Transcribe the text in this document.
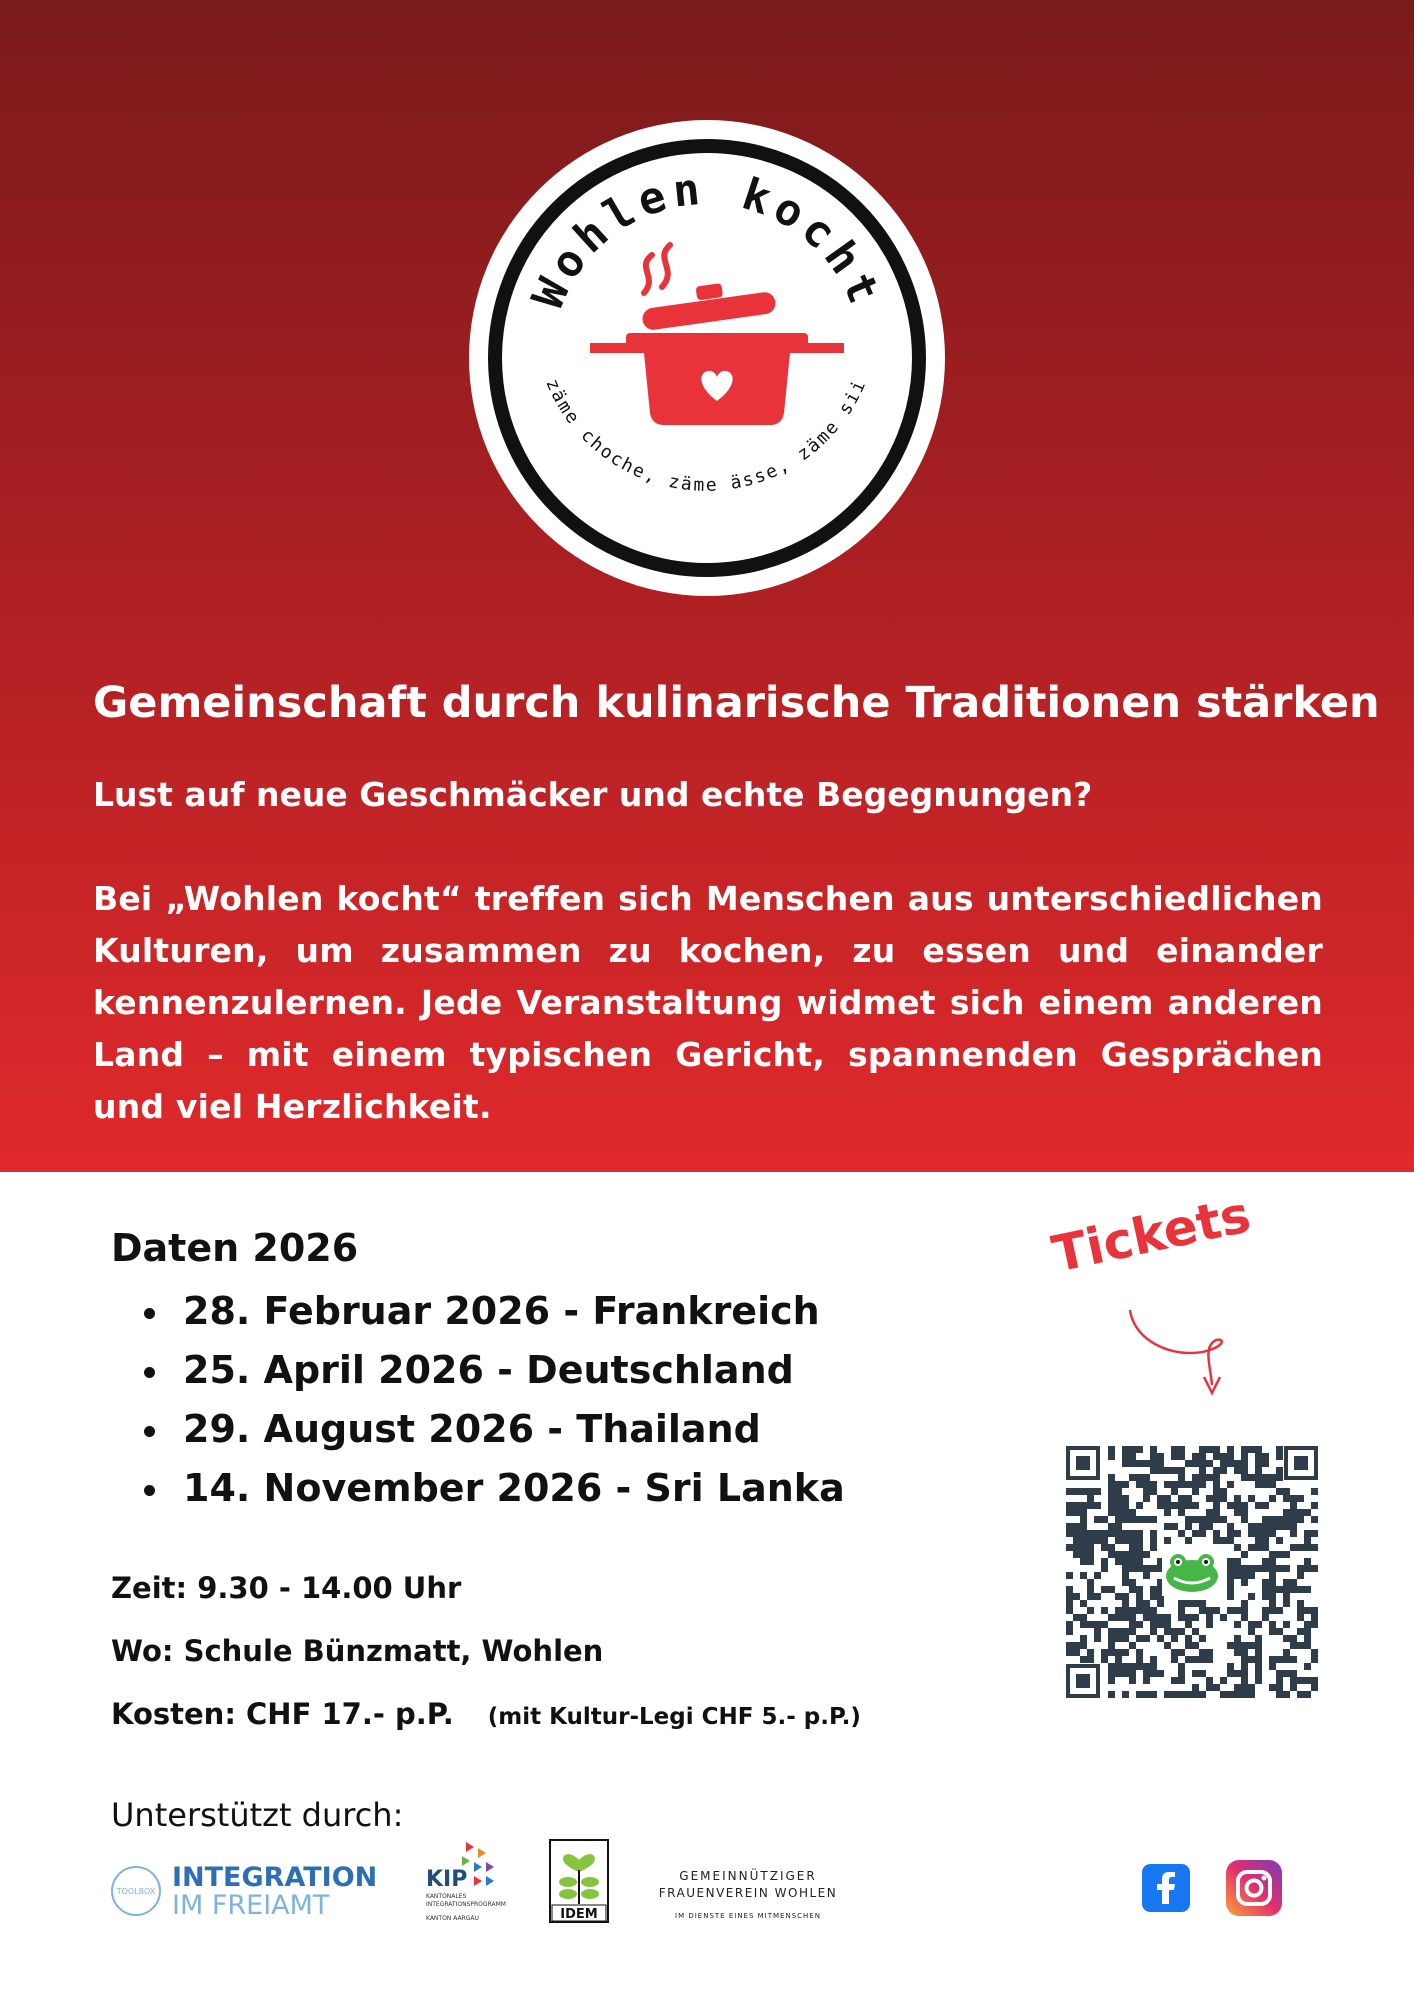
Wohlen kocht
zäme choche, zäme ässe, zäme sii
Gemeinschaft durch kulinarische Traditionen stärken
Lust auf neue Geschmäcker und echte Begegnungen?
Bei „Wohlen kocht“ treffen sich Menschen aus unterschiedlichen Kulturen, um zusammen zu kochen, zu essen und einander kennenzulernen. Jede Veranstaltung widmet sich einem anderen Land – mit einem typischen Gericht, spannenden Gesprächen und viel Herzlichkeit.
Daten 2026
28. Februar 2026 - Frankreich
25. April 2026 - Deutschland
29. August 2026 - Thailand
14. November 2026 - Sri Lanka
Zeit: 9.30 - 14.00 Uhr
Wo: Schule Bünzmatt, Wohlen
Kosten: CHF 17.- p.P. (mit Kultur-Legi CHF 5.- p.P.)
Tickets
Unterstützt durch:
TOOLBOX INTEGRATION
IM FREIAMT
KIP
KANTONALES
INTEGRATIONSPROGRAMM
KANTON AARGAU	IDEM
GEMEINNÜTZIGER
FRAUENVEREIN WOHLEN
IM DIENSTE EINES MITMENSCHEN
